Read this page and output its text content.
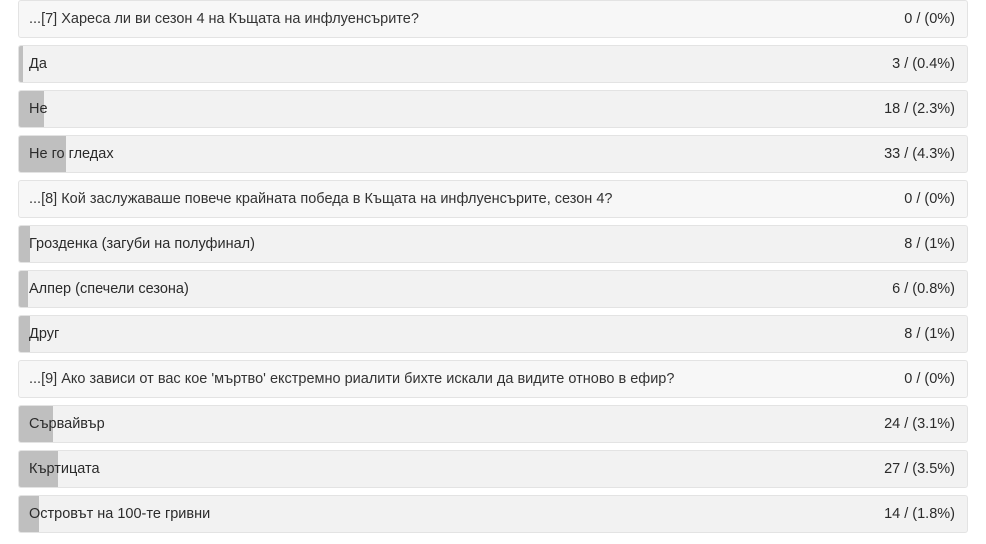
...[7] Хареса ли ви сезон 4 на Къщата на инфлуенсърите?	0 / (0%)
Да	3 / (0.4%)
Не	18 / (2.3%)
Не го гледах	33 / (4.3%)
...[8] Кой заслужаваше повече крайната победа в Къщата на инфлуенсърите, сезон 4?	0 / (0%)
Грозденка (загуби на полуфинал)	8 / (1%)
Алпер (спечели сезона)	6 / (0.8%)
Друг	8 / (1%)
...[9] Ако зависи от вас кое 'мъртво' екстремно риалити бихте искали да видите отново в ефир?	0 / (0%)
Сървайвър	24 / (3.1%)
Къртицата	27 / (3.5%)
Островът на 100-те гривни	14 / (1.8%)
